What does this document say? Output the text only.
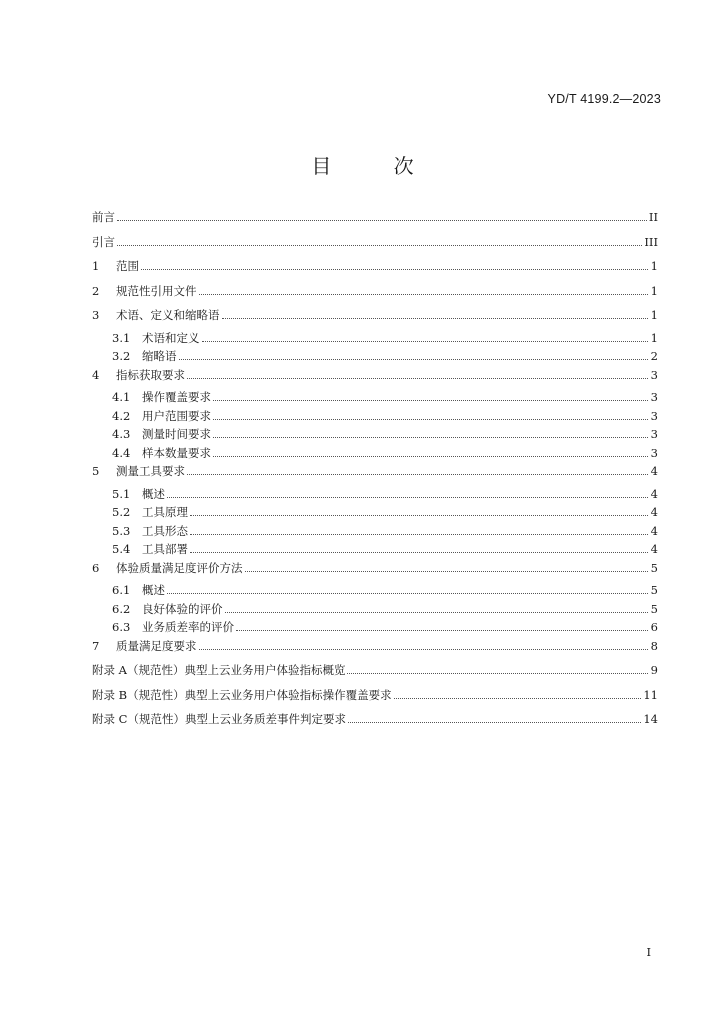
YD/T 4199.2—2023
目 次
前言	II
引言	III
1	范围	1
2	规范性引用文件	1
3	术语、定义和缩略语	1
3.1	术语和定义	1
3.2	缩略语	2
4	指标获取要求	3
4.1	操作覆盖要求	3
4.2	用户范围要求	3
4.3	测量时间要求	3
4.4	样本数量要求	3
5	测量工具要求	4
5.1	概述	4
5.2	工具原理	4
5.3	工具形态	4
5.4	工具部署	4
6	体验质量满足度评价方法	5
6.1	概述	5
6.2	良好体验的评价	5
6.3	业务质差率的评价	6
7	质量满足度要求	8
附录 A（规范性）典型上云业务用户体验指标概览	9
附录 B（规范性）典型上云业务用户体验指标操作覆盖要求	11
附录 C（规范性）典型上云业务质差事件判定要求	14
I
